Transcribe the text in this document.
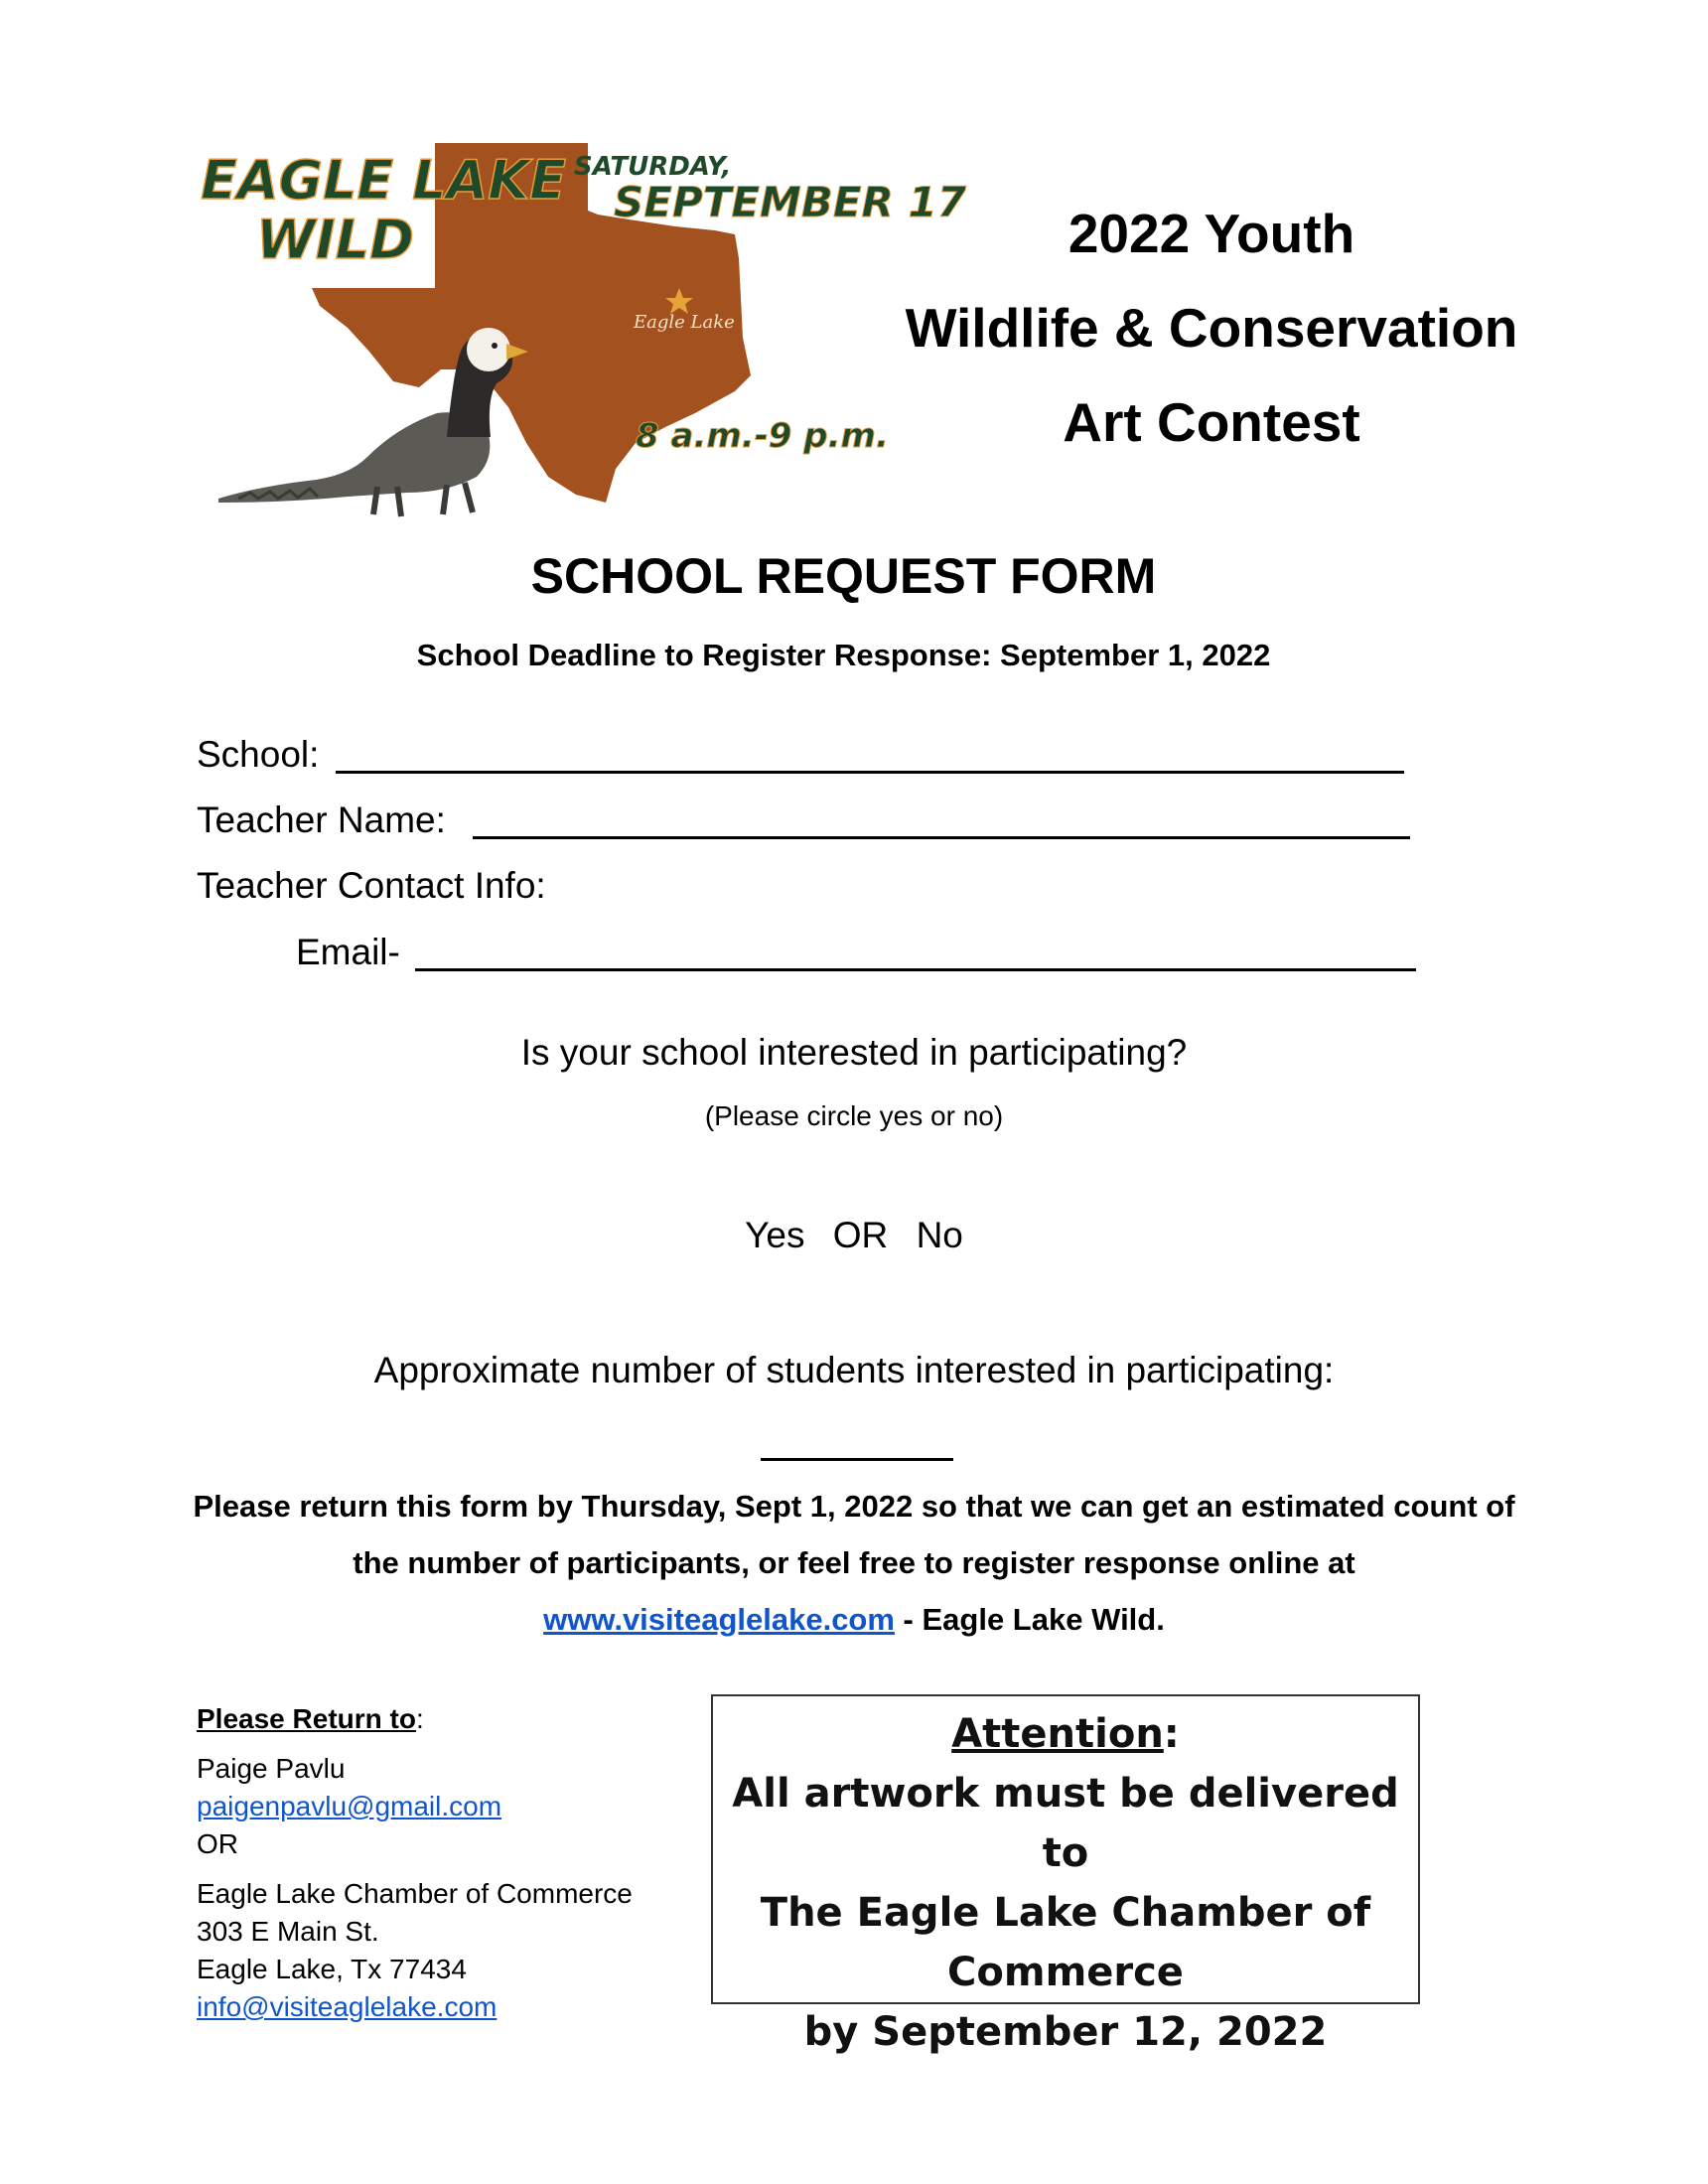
EAGLE LAKE
WILD
SATURDAY,
SEPTEMBER 17
Eagle Lake
8 a.m.-9 p.m.
2022 Youth
Wildlife & Conservation
Art Contest
SCHOOL REQUEST FORM
School Deadline to Register Response: September 1, 2022
School:
Teacher Name:
Teacher Contact Info:
Email-
Is your school interested in participating?
(Please circle yes or no)
Yes OR No
Approximate number of students interested in participating:
Please return this form by Thursday, Sept 1, 2022 so that we can get an estimated count of the number of participants, or feel free to register response online at www.visiteaglelake.com - Eagle Lake Wild.
Please Return to:
Paige Pavlu
paigenpavlu@gmail.com
OR
Eagle Lake Chamber of Commerce
303 E Main St.
Eagle Lake, Tx 77434
info@visiteaglelake.com
Attention:
All artwork must be delivered to
The Eagle Lake Chamber of
Commerce
by September 12, 2022
